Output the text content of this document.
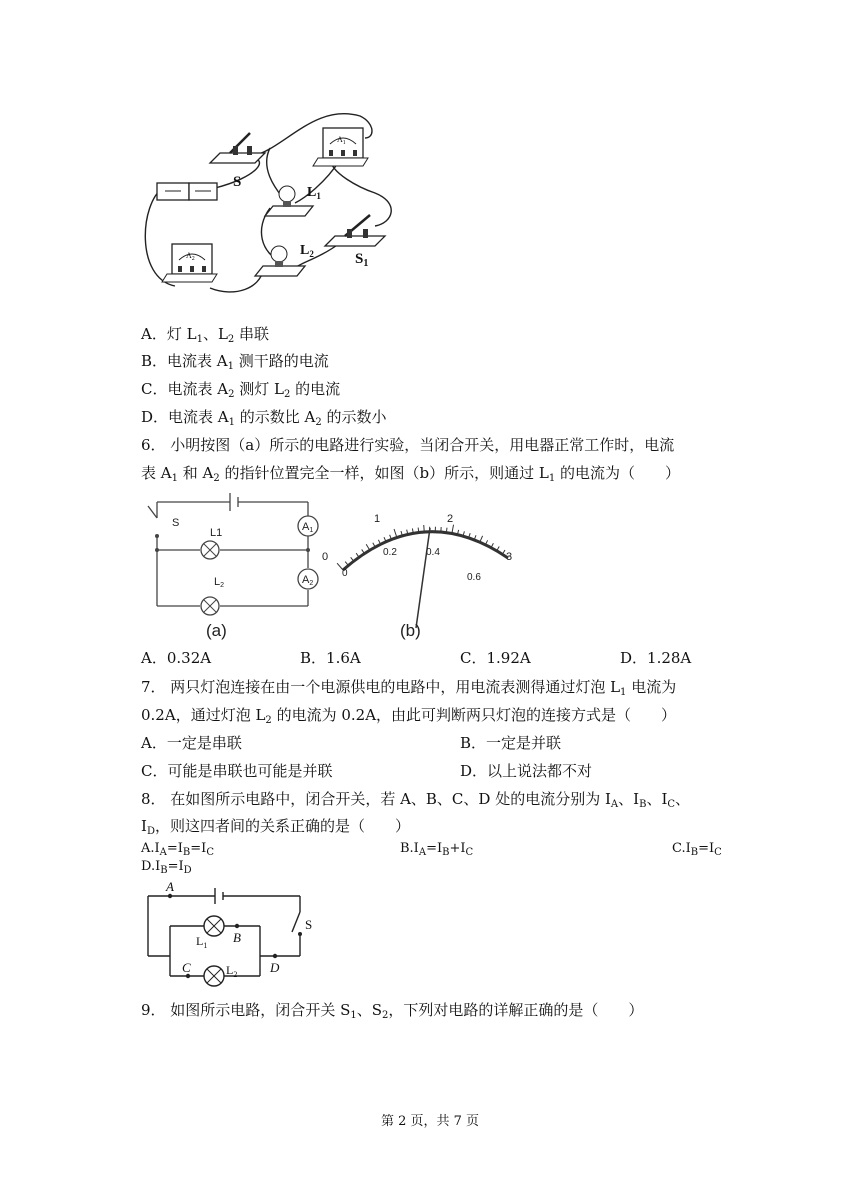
S
$L_1$
$L_2$
$A_1$
$S_1$
$A_2$
A．灯 $L_1$、$L_2$ 串联
B．电流表 $A_1$ 测干路的电流
C．电流表 $A_2$ 测灯 $L_2$ 的电流
D．电流表 $A_1$ 的示数比 $A_2$ 的示数小
6． 小明按图（a）所示的电路进行实验，当闭合开关，用电器正常工作时，电流
表 $A_1$ 和 $A_2$ 的指针位置完全一样，如图（b）所示，则通过 $L_1$ 的电流为（　　）
A1
A2
S
L1
L2
(a)
0
1	2
3
0
0.2	0.4
0.6
(b)
A．0.32A	B．1.6A	C．1.92A	D．1.28A
7． 两只灯泡连接在由一个电源供电的电路中，用电流表测得通过灯泡 $L_1$ 电流为
0.2A，通过灯泡 $L_2$ 的电流为 0.2A，由此可判断两只灯泡的连接方式是（　　）
A．一定是串联	B．一定是并联
C．可能是串联也可能是并联	D．以上说法都不对
8． 在如图所示电路中，闭合开关，若 A、B、C、D 处的电流分别为 $I_A$、$I_B$、$I_C$、
$I_D$，则这四者间的关系正确的是（　　）
$A.I_A=I_B=I_C$	$B.I_A=I_B+I_C$	$C.I_B=I_C$
$D.I_B=I_D$
A
B
C	D
S
$L_1$
$L_2$
9． 如图所示电路，闭合开关 $S_1$、$S_2$，下列对电路的详解正确的是（　　）
第 2 页，共 7 页
